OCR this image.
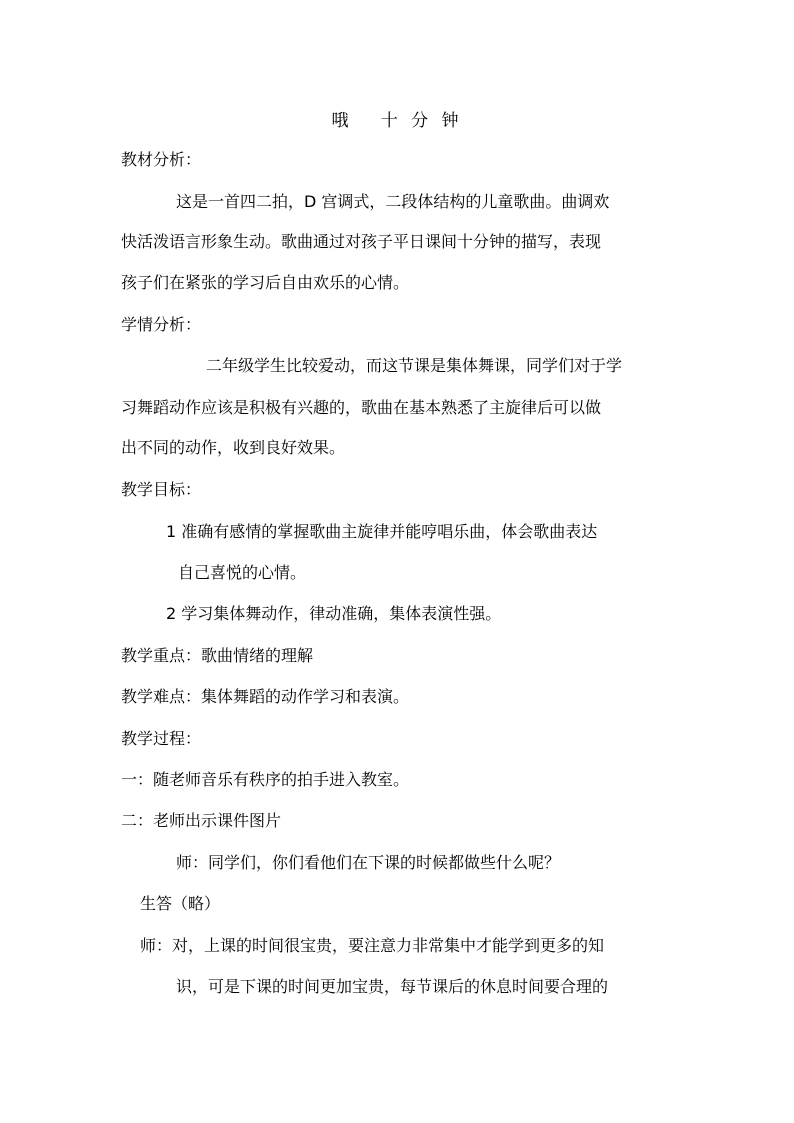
哦   十 分 钟
教材分析：
这是一首四二拍，D 宫调式，二段体结构的儿童歌曲。曲调欢
快活泼语言形象生动。歌曲通过对孩子平日课间十分钟的描写，表现
孩子们在紧张的学习后自由欢乐的心情。
学情分析：
二年级学生比较爱动，而这节课是集体舞课，同学们对于学
习舞蹈动作应该是积极有兴趣的，歌曲在基本熟悉了主旋律后可以做
出不同的动作，收到良好效果。
教学目标：
1 准确有感情的掌握歌曲主旋律并能哼唱乐曲，体会歌曲表达
自己喜悦的心情。
2 学习集体舞动作，律动准确，集体表演性强。
教学重点：歌曲情绪的理解
教学难点：集体舞蹈的动作学习和表演。
教学过程：
一：随老师音乐有秩序的拍手进入教室。
二：老师出示课件图片
师：同学们，你们看他们在下课的时候都做些什么呢？
生答（略）
师：对，上课的时间很宝贵，要注意力非常集中才能学到更多的知
识，可是下课的时间更加宝贵，每节课后的休息时间要合理的
